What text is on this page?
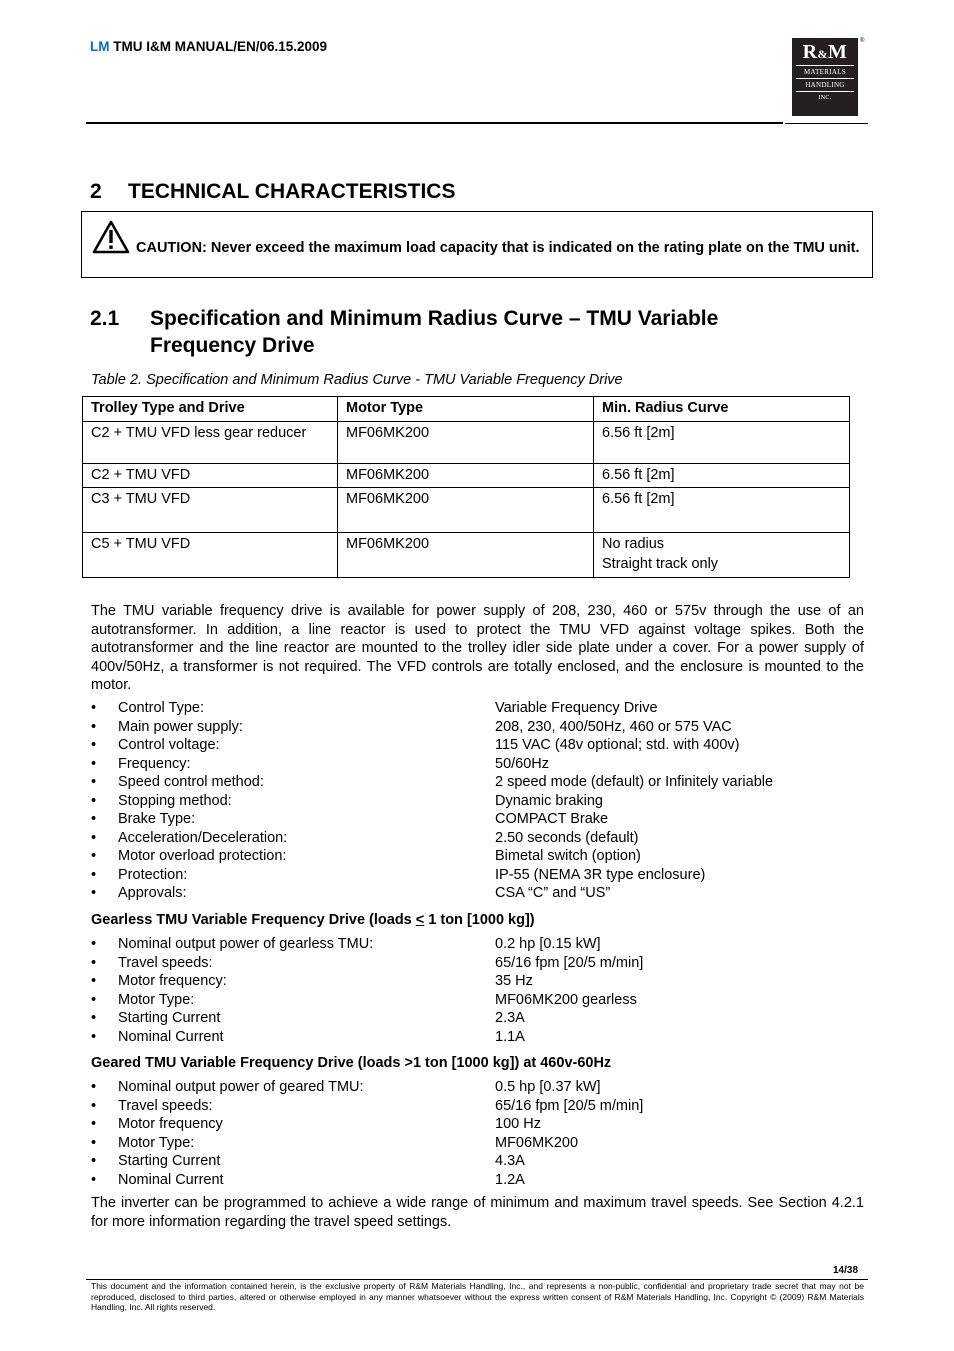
LM TMU I&M MANUAL/EN/06.15.2009	R&M
MATERIALS
HANDLING
INC.
®
2 TECHNICAL CHARACTERISTICS
CAUTION: Never exceed the maximum load capacity that is indicated on the rating plate on the TMU unit.
2.1 Specification and Minimum Radius Curve – TMU Variable Frequency Drive
Table 2. Specification and Minimum Radius Curve - TMU Variable Frequency Drive
Trolley Type and Drive	Motor Type	Min. Radius Curve
C2 + TMU VFD less gear reducer	MF06MK200	6.56 ft [2m]
C2 + TMU VFD	MF06MK200	6.56 ft [2m]
C3 + TMU VFD	MF06MK200	6.56 ft [2m]
C5 + TMU VFD	MF06MK200	No radius
Straight track only
The TMU variable frequency drive is available for power supply of 208, 230, 460 or 575v through the use of an autotransformer. In addition, a line reactor is used to protect the TMU VFD against voltage spikes. Both the autotransformer and the line reactor are mounted to the trolley idler side plate under a cover. For a power supply of 400v/50Hz, a transformer is not required. The VFD controls are totally enclosed, and the enclosure is mounted to the motor.
• Control Type:	Variable Frequency Drive
• Main power supply:	208, 230, 400/50Hz, 460 or 575 VAC
• Control voltage:	115 VAC (48v optional; std. with 400v)
• Frequency:	50/60Hz
• Speed control method:	2 speed mode (default) or Infinitely variable
• Stopping method:	Dynamic braking
• Brake Type:	COMPACT Brake
• Acceleration/Deceleration:	2.50 seconds (default)
• Motor overload protection:	Bimetal switch (option)
• Protection:	IP-55 (NEMA 3R type enclosure)
• Approvals:	CSA “C” and “US”
Gearless TMU Variable Frequency Drive (loads ≤ 1 ton [1000 kg])
• Nominal output power of gearless TMU:	0.2 hp [0.15 kW]
• Travel speeds:	65/16 fpm [20/5 m/min]
• Motor frequency:	35 Hz
• Motor Type:	MF06MK200 gearless
• Starting Current	2.3A
• Nominal Current	1.1A
Geared TMU Variable Frequency Drive (loads >1 ton [1000 kg]) at 460v-60Hz
• Nominal output power of geared TMU:	0.5 hp [0.37 kW]
• Travel speeds:	65/16 fpm [20/5 m/min]
• Motor frequency	100 Hz
• Motor Type:	MF06MK200
• Starting Current	4.3A
• Nominal Current	1.2A
The inverter can be programmed to achieve a wide range of minimum and maximum travel speeds. See Section 4.2.1 for more information regarding the travel speed settings.
14/38
This document and the information contained herein, is the exclusive property of R&M Materials Handling, Inc., and represents a non-public, confidential and proprietary trade secret that may not be reproduced, disclosed to third parties, altered or otherwise employed in any manner whatsoever without the express written consent of R&M Materials Handling, Inc. Copyright © (2009) R&M Materials Handling, Inc. All rights reserved.
